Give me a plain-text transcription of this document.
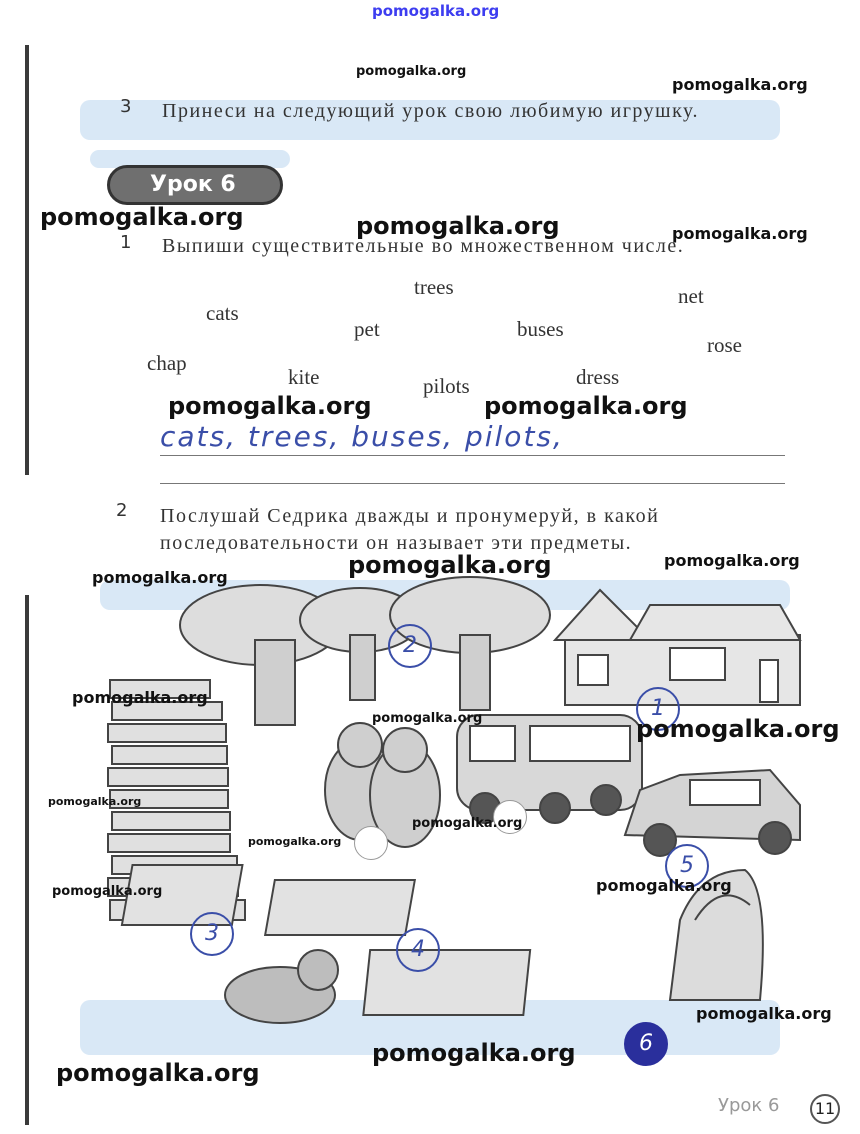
pomogalka.org
3 Принеси на следующий урок свою любимую игрушку.
Урок 6
1 Выпиши существительные во множественном числе.
trees	net
cats
pet	buses
rose
chap
kite	pilots	dress
cats, trees, buses, pilots,
2 Послушай Седрика дважды и пронумеруй, в какой
последовательности он называет эти предметы.
2
1
5
3
4
6
Урок 6	11
pomogalka.org
pomogalka.org
pomogalka.org	pomogalka.org	pomogalka.org
pomogalka.org	pomogalka.org
pomogalka.org	pomogalka.org
pomogalka.org
pomogalka.org
pomogalka.org	pomogalka.org
pomogalka.org
pomogalka.org
pomogalka.org
pomogalka.org
pomogalka.org
pomogalka.org
pomogalka.org
pomogalka.org
